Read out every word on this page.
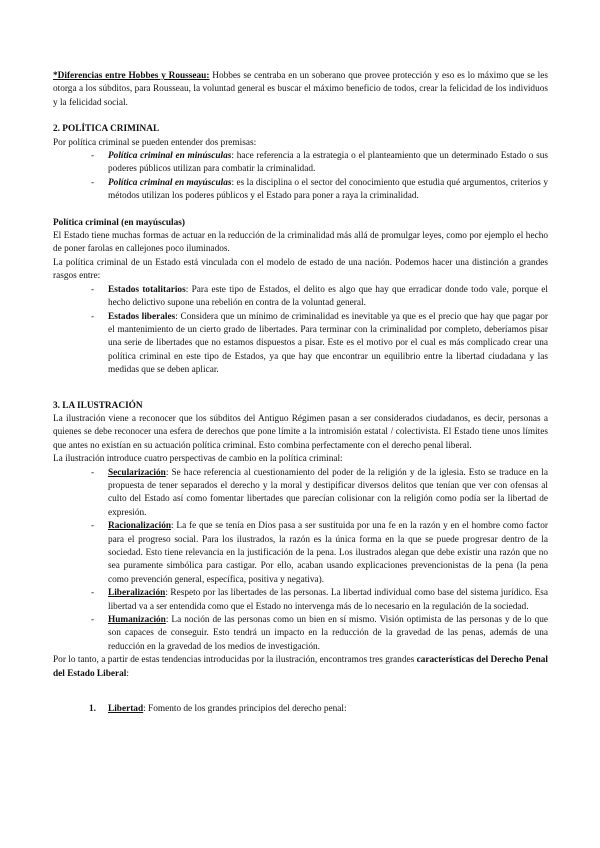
*Diferencias entre Hobbes y Rousseau: Hobbes se centraba en un soberano que provee protección y eso es lo máximo que se les otorga a los súbditos, para Rousseau, la voluntad general es buscar el máximo beneficio de todos, crear la felicidad de los individuos y la felicidad social.

2. POLÍTICA CRIMINAL

Por política criminal se pueden entender dos premisas:

- Política criminal en minúsculas: hace referencia a la estrategia o el planteamiento que un determinado Estado o sus poderes públicos utilizan para combatir la criminalidad.
- Política criminal en mayúsculas: es la disciplina o el sector del conocimiento que estudia qué argumentos, criterios y métodos utilizan los poderes públicos y el Estado para poner a raya la criminalidad.

Política criminal (en mayúsculas)

El Estado tiene muchas formas de actuar en la reducción de la criminalidad más allá de promulgar leyes, como por ejemplo el hecho de poner farolas en callejones poco iluminados.

La política criminal de un Estado está vinculada con el modelo de estado de una nación. Podemos hacer una distinción a grandes rasgos entre:

- Estados totalitarios: Para este tipo de Estados, el delito es algo que hay que erradicar donde todo vale, porque el hecho delictivo supone una rebelión en contra de la voluntad general.
- Estados liberales: Considera que un mínimo de criminalidad es inevitable ya que es el precio que hay que pagar por el mantenimiento de un cierto grado de libertades. Para terminar con la criminalidad por completo, deberíamos pisar una serie de libertades que no estamos dispuestos a pisar. Este es el motivo por el cual es más complicado crear una política criminal en este tipo de Estados, ya que hay que encontrar un equilibrio entre la libertad ciudadana y las medidas que se deben aplicar.

3. LA ILUSTRACIÓN

La ilustración viene a reconocer que los súbditos del Antiguo Régimen pasan a ser considerados ciudadanos, es decir, personas a quienes se debe reconocer una esfera de derechos que pone límite a la intromisión estatal / colectivista. El Estado tiene unos límites que antes no existían en su actuación política criminal. Esto combina perfectamente con el derecho penal liberal.

La ilustración introduce cuatro perspectivas de cambio en la política criminal:

- Secularización: Se hace referencia al cuestionamiento del poder de la religión y de la iglesia. Esto se traduce en la propuesta de tener separados el derecho y la moral y destipificar diversos delitos que tenían que ver con ofensas al culto del Estado así como fomentar libertades que parecían colisionar con la religión como podía ser la libertad de expresión.
- Racionalización: La fe que se tenía en Dios pasa a ser sustituida por una fe en la razón y en el hombre como factor para el progreso social. Para los ilustrados, la razón es la única forma en la que se puede progresar dentro de la sociedad. Esto tiene relevancia en la justificación de la pena. Los ilustrados alegan que debe existir una razón que no sea puramente simbólica para castigar. Por ello, acaban usando explicaciones prevencionistas de la pena (la pena como prevención general, específica, positiva y negativa).
- Liberalización: Respeto por las libertades de las personas. La libertad individual como base del sistema jurídico. Esa libertad va a ser entendida como que el Estado no intervenga más de lo necesario en la regulación de la sociedad.
- Humanización: La noción de las personas como un bien en sí mismo. Visión optimista de las personas y de lo que son capaces de conseguir. Esto tendrá un impacto en la reducción de la gravedad de las penas, además de una reducción en la gravedad de los medios de investigación.

Por lo tanto, a partir de estas tendencias introducidas por la ilustración, encontramos tres grandes características del Derecho Penal del Estado Liberal:

1. Libertad: Fomento de los grandes principios del derecho penal:
